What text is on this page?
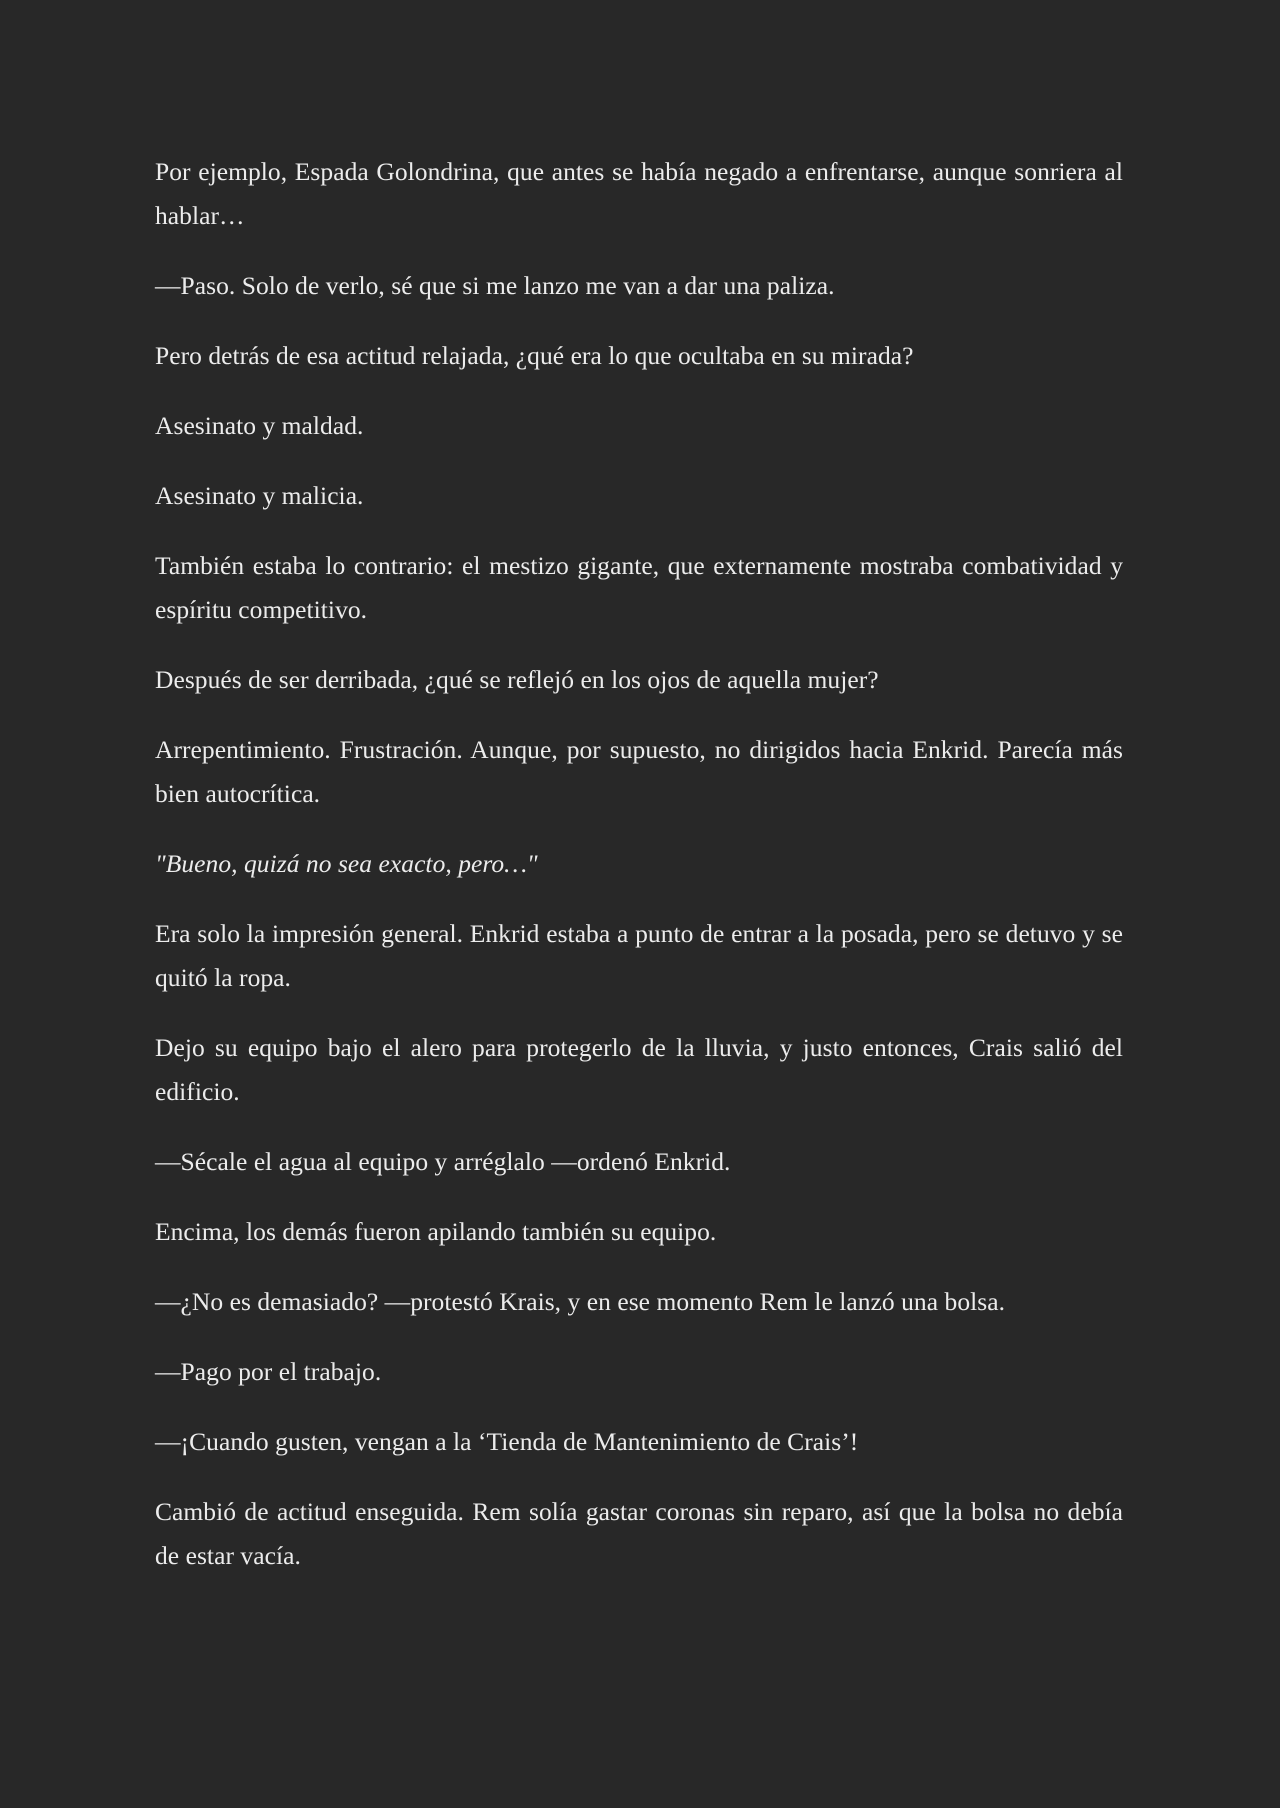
Por ejemplo, Espada Golondrina, que antes se había negado a enfrentarse, aunque sonriera al hablar…

—Paso. Solo de verlo, sé que si me lanzo me van a dar una paliza.

Pero detrás de esa actitud relajada, ¿qué era lo que ocultaba en su mirada?

Asesinato y maldad.

Asesinato y malicia.

También estaba lo contrario: el mestizo gigante, que externamente mostraba combatividad y espíritu competitivo.

Después de ser derribada, ¿qué se reflejó en los ojos de aquella mujer?

Arrepentimiento. Frustración. Aunque, por supuesto, no dirigidos hacia Enkrid. Parecía más bien autocrítica.

"Bueno, quizá no sea exacto, pero…"

Era solo la impresión general. Enkrid estaba a punto de entrar a la posada, pero se detuvo y se quitó la ropa.

Dejo su equipo bajo el alero para protegerlo de la lluvia, y justo entonces, Crais salió del edificio.

—Sécale el agua al equipo y arréglalo —ordenó Enkrid.

Encima, los demás fueron apilando también su equipo.

—¿No es demasiado? —protestó Krais, y en ese momento Rem le lanzó una bolsa.

—Pago por el trabajo.

—¡Cuando gusten, vengan a la ‘Tienda de Mantenimiento de Crais’!

Cambió de actitud enseguida. Rem solía gastar coronas sin reparo, así que la bolsa no debía de estar vacía.
